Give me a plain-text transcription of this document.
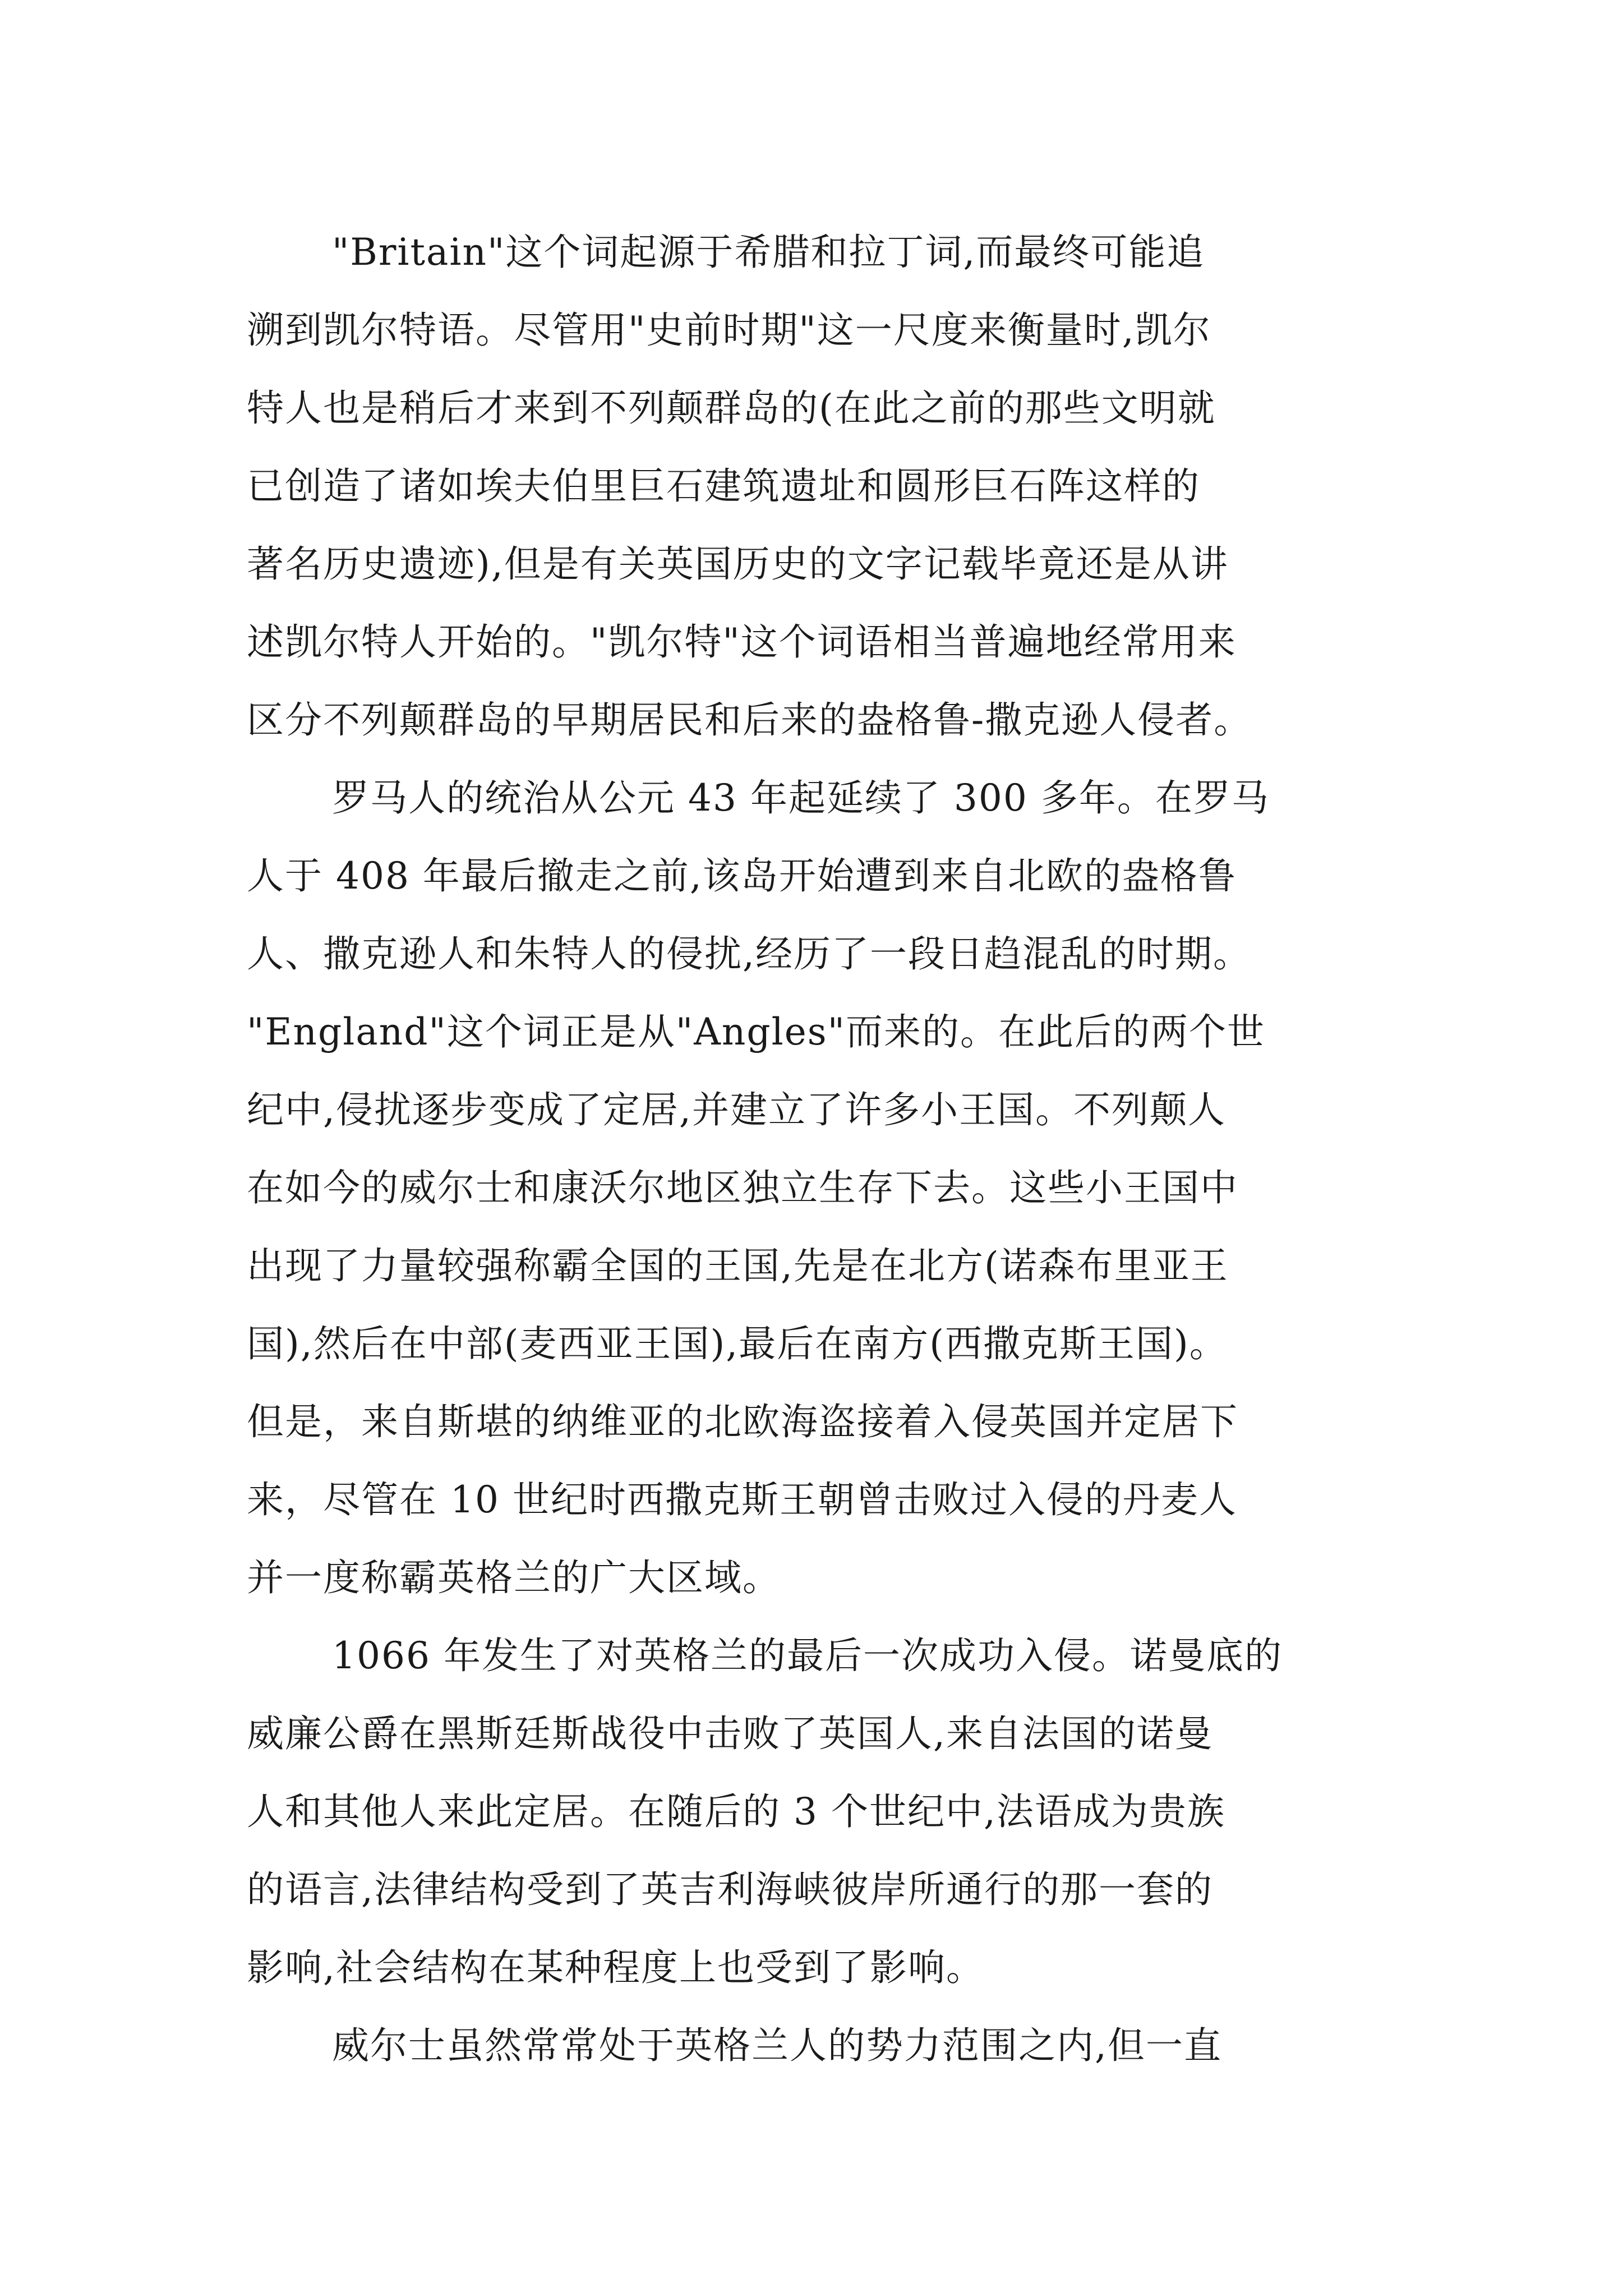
"Britain"这个词起源于希腊和拉丁词,而最终可能追
溯到凯尔特语。尽管用"史前时期"这一尺度来衡量时,凯尔
特人也是稍后才来到不列颠群岛的(在此之前的那些文明就
已创造了诸如埃夫伯里巨石建筑遗址和圆形巨石阵这样的
著名历史遗迹),但是有关英国历史的文字记载毕竟还是从讲
述凯尔特人开始的。"凯尔特"这个词语相当普遍地经常用来
区分不列颠群岛的早期居民和后来的盎格鲁-撒克逊人侵者。
罗马人的统治从公元 43 年起延续了 300 多年。在罗马
人于 408 年最后撤走之前,该岛开始遭到来自北欧的盎格鲁
人、撒克逊人和朱特人的侵扰,经历了一段日趋混乱的时期。
"England"这个词正是从"Angles"而来的。在此后的两个世
纪中,侵扰逐步变成了定居,并建立了许多小王国。不列颠人
在如今的威尔士和康沃尔地区独立生存下去。这些小王国中
出现了力量较强称霸全国的王国,先是在北方(诺森布里亚王
国),然后在中部(麦西亚王国),最后在南方(西撒克斯王国)。
但是，来自斯堪的纳维亚的北欧海盗接着入侵英国并定居下
来，尽管在 10 世纪时西撒克斯王朝曾击败过入侵的丹麦人
并一度称霸英格兰的广大区域。
1066 年发生了对英格兰的最后一次成功入侵。诺曼底的
威廉公爵在黑斯廷斯战役中击败了英国人,来自法国的诺曼
人和其他人来此定居。在随后的 3 个世纪中,法语成为贵族
的语言,法律结构受到了英吉利海峡彼岸所通行的那一套的
影响,社会结构在某种程度上也受到了影响。
威尔士虽然常常处于英格兰人的势力范围之内,但一直
